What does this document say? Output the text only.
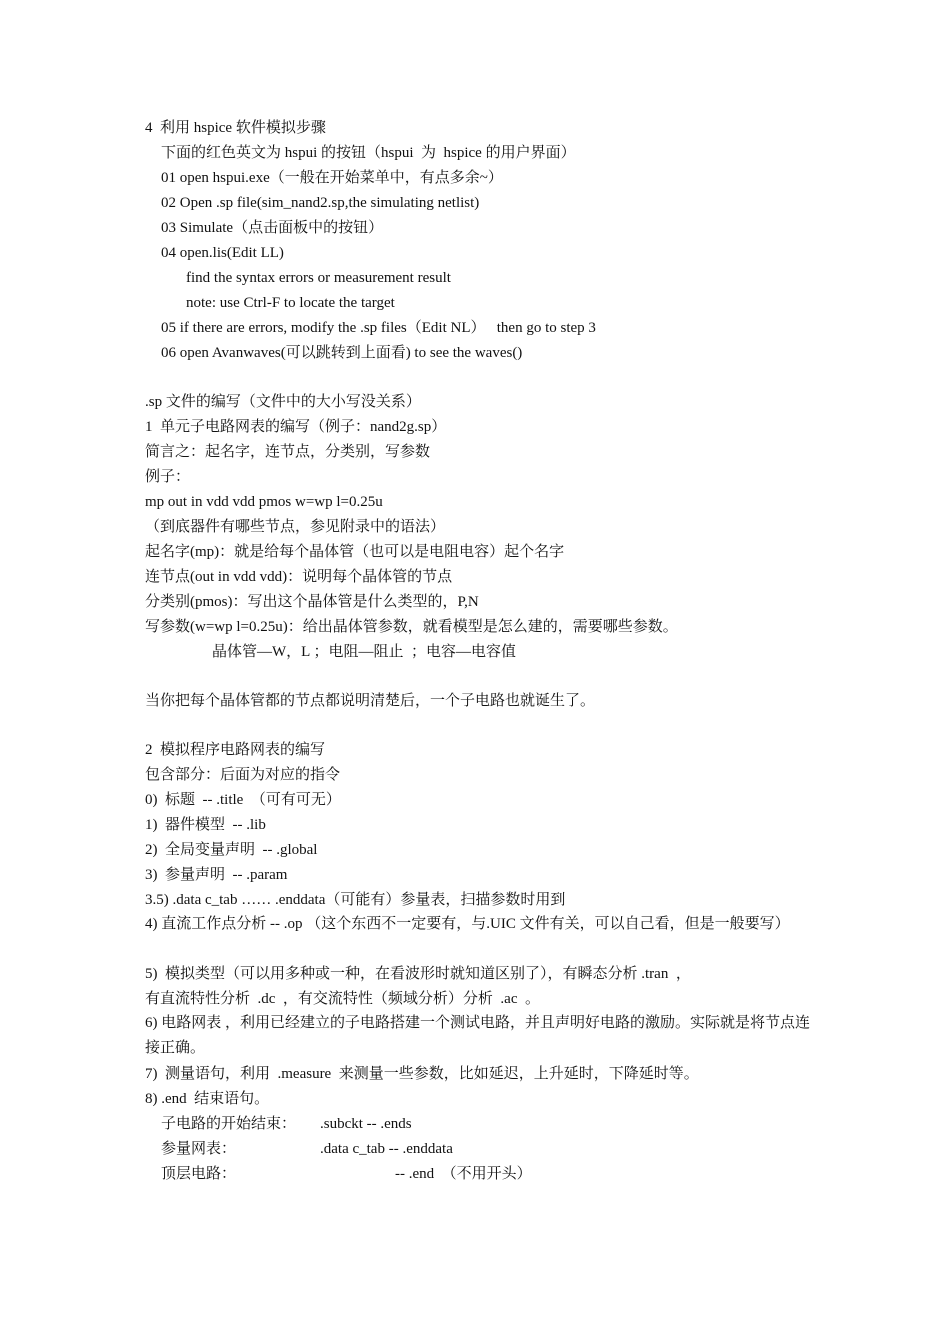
4  利用 hspice 软件模拟步骤
下面的红色英文为 hspui 的按钮（hspui  为  hspice 的用户界面）
01 open hspui.exe（一般在开始菜单中，有点多余~）
02 Open .sp file(sim_nand2.sp,the simulating netlist)
03 Simulate（点击面板中的按钮）
04 open.lis(Edit LL)
find the syntax errors or measurement result
note: use Ctrl-F to locate the target
05 if there are errors, modify the .sp files（Edit NL）   then go to step 3
06 open Avanwaves(可以跳转到上面看) to see the waves()
.sp 文件的编写（文件中的大小写没关系）
1  单元子电路网表的编写（例子：nand2g.sp）
简言之：起名字，连节点，分类别，写参数
例子：
mp out in vdd vdd pmos w=wp l=0.25u
（到底器件有哪些节点，参见附录中的语法）
起名字(mp)：就是给每个晶体管（也可以是电阻电容）起个名字
连节点(out in vdd vdd)：说明每个晶体管的节点
分类别(pmos)：写出这个晶体管是什么类型的，P,N
写参数(w=wp l=0.25u)：给出晶体管参数，就看模型是怎么建的，需要哪些参数。
晶体管—W，L ；电阻—阻止  ；电容—电容值
当你把每个晶体管都的节点都说明清楚后，一个子电路也就诞生了。
2  模拟程序电路网表的编写
包含部分：后面为对应的指令
0)  标题  -- .title  （可有可无）
1)  器件模型  -- .lib
2)  全局变量声明  -- .global
3)  参量声明  -- .param
3.5) .data c_tab …… .enddata（可能有）参量表，扫描参数时用到
4) 直流工作点分析 -- .op （这个东西不一定要有，与.UIC 文件有关，可以自己看，但是一般要写）
5)  模拟类型（可以用多种或一种，在看波形时就知道区别了），有瞬态分析 .tran  ，
有直流特性分析  .dc  ，有交流特性（频域分析）分析  .ac  。
6) 电路网表 ，利用已经建立的子电路搭建一个测试电路，并且声明好电路的激励。实际就是将节点连接正确。
7)  测量语句，利用  .measure  来测量一些参数，比如延迟，上升延时，下降延时等。
8) .end  结束语句。
子电路的开始结束： .subckt -- .ends
参量网表：	.data c_tab -- .enddata
顶层电路：	-- .end  （不用开头）
